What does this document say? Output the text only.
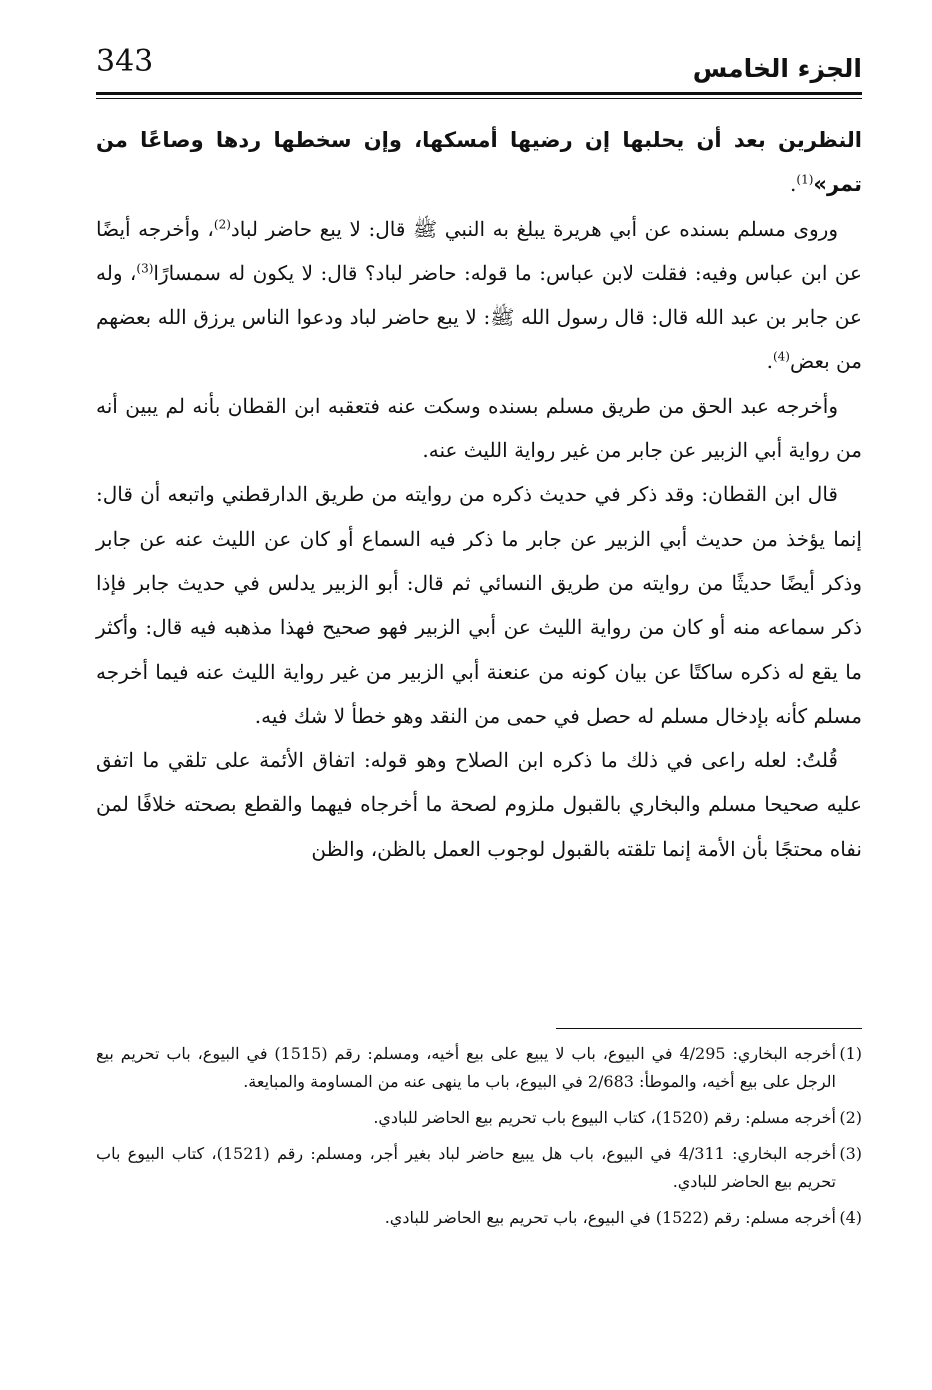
343	الجزء الخامس

النظرين بعد أن يحلبها إن رضيها أمسكها، وإن سخطها ردها وصاعًا من تمر»$^{(1)}$.

وروى مسلم بسنده عن أبي هريرة يبلغ به النبي ﷺ قال: لا يبع حاضر لباد$^{(2)}$، وأخرجه أيضًا عن ابن عباس وفيه: فقلت لابن عباس: ما قوله: حاضر لباد؟ قال: لا يكون له سمسارًا$^{(3)}$، وله عن جابر بن عبد الله قال: قال رسول الله ﷺ: لا يبع حاضر لباد ودعوا الناس يرزق الله بعضهم من بعض$^{(4)}$.

وأخرجه عبد الحق من طريق مسلم بسنده وسكت عنه فتعقبه ابن القطان بأنه لم يبين أنه من رواية أبي الزبير عن جابر من غير رواية الليث عنه.

قال ابن القطان: وقد ذكر في حديث ذكره من روايته من طريق الدارقطني واتبعه أن قال: إنما يؤخذ من حديث أبي الزبير عن جابر ما ذكر فيه السماع أو كان عن الليث عنه عن جابر وذكر أيضًا حديثًا من روايته من طريق النسائي ثم قال: أبو الزبير يدلس في حديث جابر فإذا ذكر سماعه منه أو كان من رواية الليث عن أبي الزبير فهو صحيح فهذا مذهبه فيه قال: وأكثر ما يقع له ذكره ساكتًا عن بيان كونه من عنعنة أبي الزبير من غير رواية الليث عنه فيما أخرجه مسلم كأنه بإدخال مسلم له حصل في حمى من النقد وهو خطأ لا شك فيه.

قُلتُ: لعله راعى في ذلك ما ذكره ابن الصلاح وهو قوله: اتفاق الأئمة على تلقي ما اتفق عليه صحيحا مسلم والبخاري بالقبول ملزوم لصحة ما أخرجاه فيهما والقطع بصحته خلافًا لمن نفاه محتجًا بأن الأمة إنما تلقته بالقبول لوجوب العمل بالظن، والظن

(1)
أخرجه البخاري: 4/295 في البيوع، باب لا يبيع على بيع أخيه، ومسلم: رقم (1515) في البيوع، باب تحريم بيع الرجل على بيع أخيه، والموطأ: 2/683 في البيوع، باب ما ينهى عنه من المساومة والمبايعة.
(2)
أخرجه مسلم: رقم (1520)، كتاب البيوع باب تحريم بيع الحاضر للبادي.
(3)
أخرجه البخاري: 4/311 في البيوع، باب هل يبيع حاضر لباد بغير أجر، ومسلم: رقم (1521)، كتاب البيوع باب تحريم بيع الحاضر للبادي.
(4)
أخرجه مسلم: رقم (1522) في البيوع، باب تحريم بيع الحاضر للبادي.
